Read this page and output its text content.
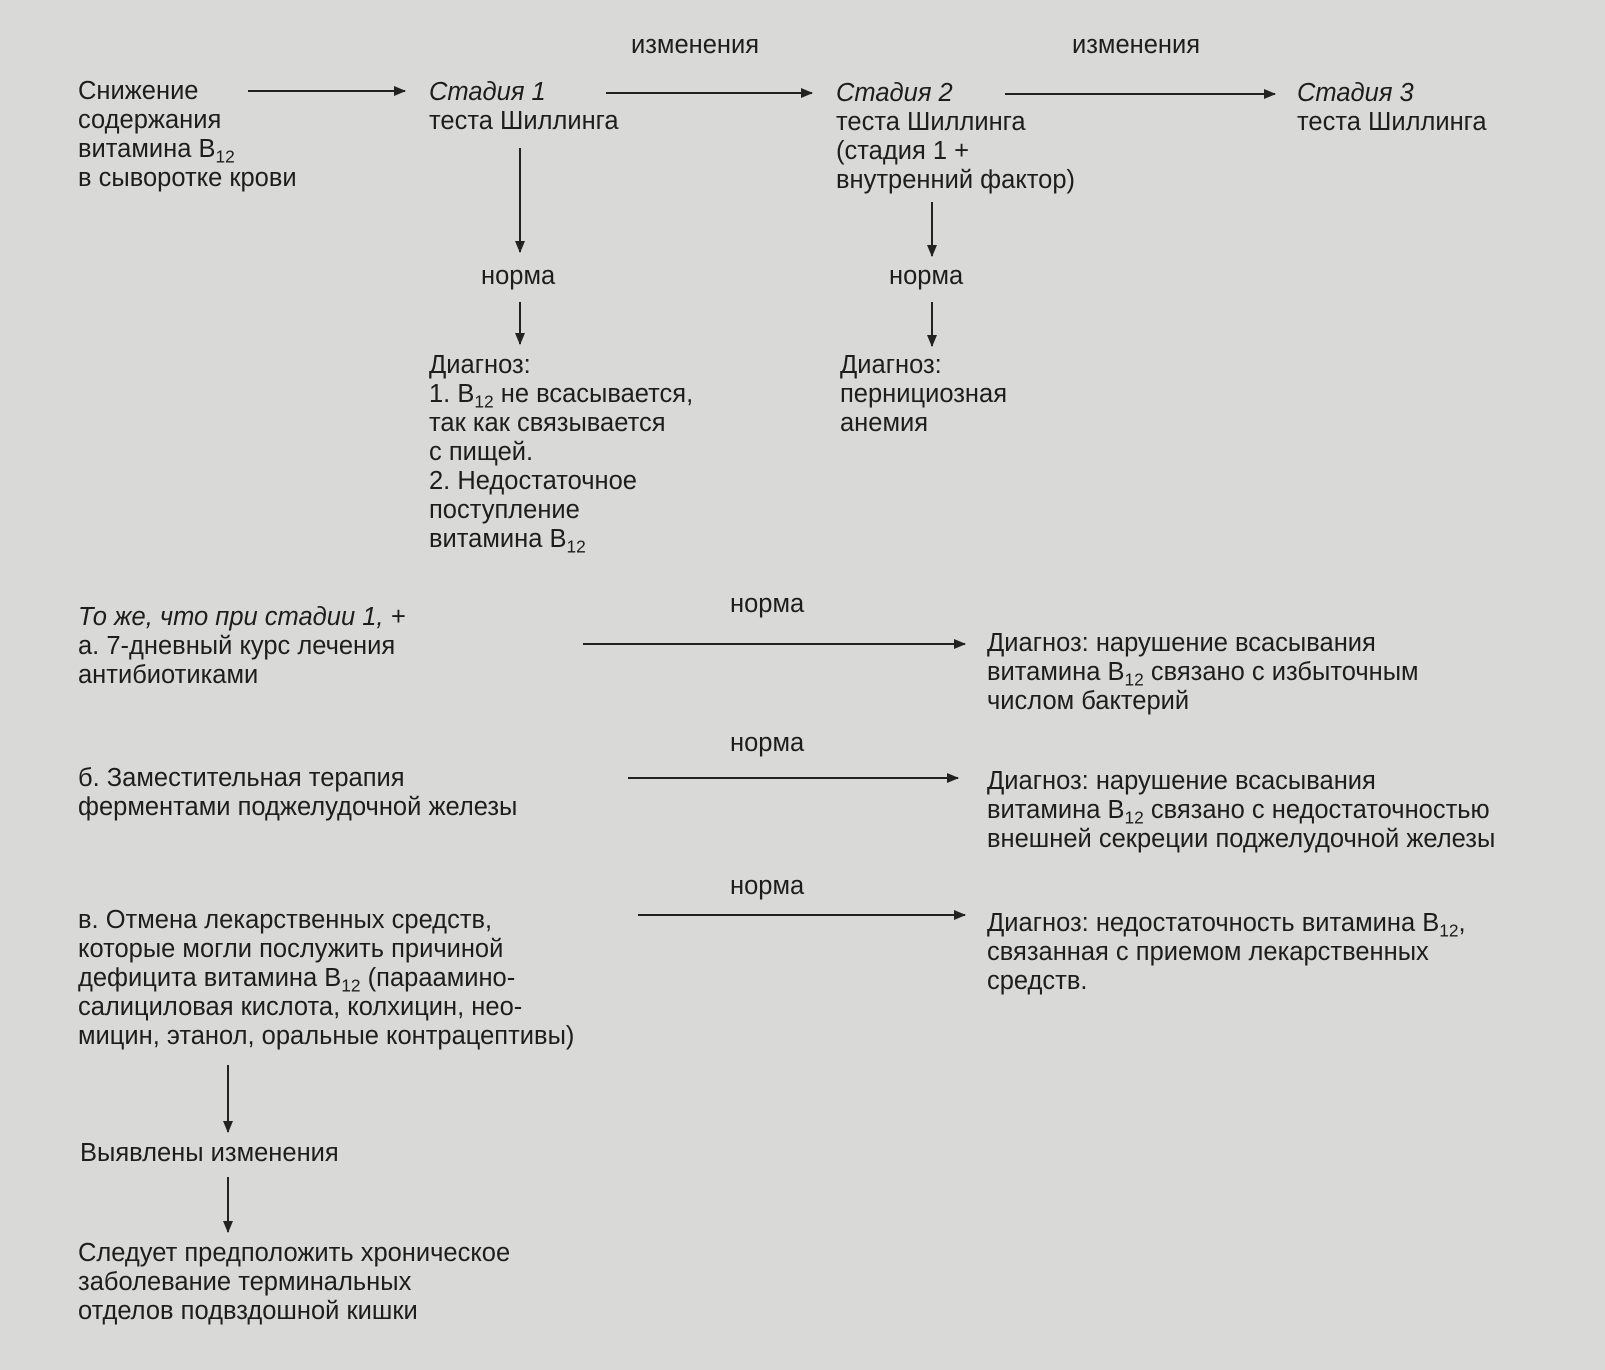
изменения	изменения
Снижение
содержания
витамина $B_{12}$
в сыворотке крови
Стадия 1
теста Шиллинга
Стадия 2
теста Шиллинга
(стадия 1 +
внутренний фактор)
Стадия 3
теста Шиллинга
норма	норма
Диагноз:
1. $B_{12}$ не всасывается,
так как связывается
с пищей.
2. Недостаточное
поступление
витамина $B_{12}$
Диагноз:
пернициозная
анемия
То же, что при стадии 1, +	норма
а. 7-дневный курс лечения
антибиотиками
Диагноз: нарушение всасывания
витамина $B_{12}$ связано с избыточным
числом бактерий
норма
б. Заместительная терапия
ферментами поджелудочной железы
Диагноз: нарушение всасывания
витамина $B_{12}$ связано с недостаточностью
внешней секреции поджелудочной железы
норма
в. Отмена лекарственных средств,
которые могли послужить причиной
дефицита витамина $B_{12}$ (парааминo-
салициловая кислота, колхицин, нео-
мицин, этанол, оральные контрацептивы)
Диагноз: недостаточность витамина $B_{12}$,
связанная с приемом лекарственных
средств.
Выявлены изменения
Следует предположить хроническое
заболевание терминальных
отделов подвздошной кишки
